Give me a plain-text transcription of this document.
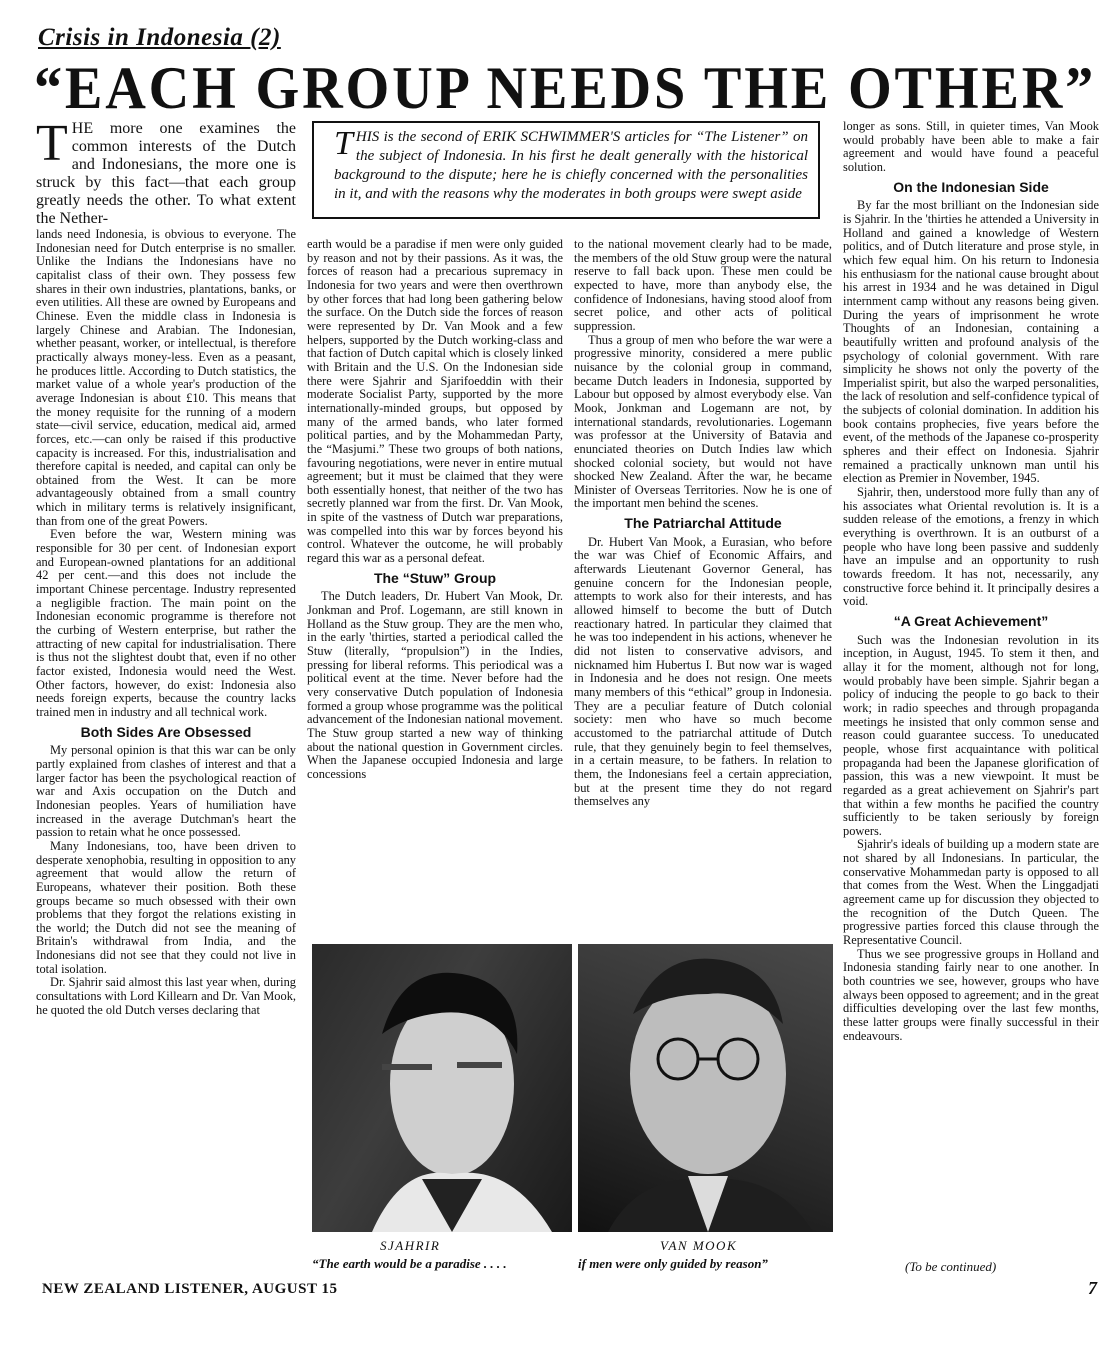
Crisis in Indonesia (2)
“EACH GROUP NEEDS THE OTHER”
THIS is the second of ERIK SCHWIMMER'S articles for “The Listener” on the subject of Indonesia. In his first he dealt generally with the historical background to the dispute; here he is chiefly concerned with the personalities in it, and with the reasons why the moderates in both groups were swept aside
THE more one examines the common interests of the Dutch and Indonesians, the more one is struck by this fact—that each group greatly needs the other. To what extent the Nether-

lands need Indonesia, is obvious to everyone. The Indonesian need for Dutch enterprise is no smaller. Unlike the Indians the Indonesians have no capitalist class of their own. They possess few shares in their own industries, plantations, banks, or even utilities. All these are owned by Europeans and Chinese. Even the middle class in Indonesia is largely Chinese and Arabian. The Indonesian, whether peasant, worker, or intellectual, is therefore practically always money-less. Even as a peasant, he produces little. According to Dutch statistics, the market value of a whole year's production of the average Indonesian is about £10. This means that the money requisite for the running of a modern state—civil service, education, medical aid, armed forces, etc.—can only be raised if this productive capacity is increased. For this, industrialisation and therefore capital is needed, and capital can only be obtained from the West. It can be more advantageously obtained from a small country which in military terms is relatively insignificant, than from one of the great Powers.

Even before the war, Western mining was responsible for 30 per cent. of Indonesian export and European-owned plantations for an additional 42 per cent.—and this does not include the important Chinese percentage. Industry represented a negligible fraction. The main point on the Indonesian economic programme is therefore not the curbing of Western enterprise, but rather the attracting of new capital for industrialisation. There is thus not the slightest doubt that, even if no other factor existed, Indonesia would need the West. Other factors, however, do exist: Indonesia also needs foreign experts, because the country lacks trained men in industry and all technical work.

Both Sides Are Obsessed

My personal opinion is that this war can be only partly explained from clashes of interest and that a larger factor has been the psychological reaction of war and Axis occupation on the Dutch and Indonesian peoples. Years of humiliation have increased in the average Dutchman's heart the passion to retain what he once possessed.

Many Indonesians, too, have been driven to desperate xenophobia, resulting in opposition to any agreement that would allow the return of Europeans, whatever their position. Both these groups became so much obsessed with their own problems that they forgot the relations existing in the world; the Dutch did not see the meaning of Britain's withdrawal from India, and the Indonesians did not see that they could not live in total isolation.

Dr. Sjahrir said almost this last year when, during consultations with Lord Killearn and Dr. Van Mook, he quoted the old Dutch verses declaring that

earth would be a paradise if men were only guided by reason and not by their passions. As it was, the forces of reason had a precarious supremacy in Indonesia for two years and were then overthrown by other forces that had long been gathering below the surface. On the Dutch side the forces of reason were represented by Dr. Van Mook and a few helpers, supported by the Dutch working-class and that faction of Dutch capital which is closely linked with Britain and the U.S. On the Indonesian side there were Sjahrir and Sjarifoeddin with their moderate Socialist Party, supported by the more internationally-minded groups, but opposed by many of the armed bands, who later formed political parties, and by the Mohammedan Party, the “Masjumi.” These two groups of both nations, favouring negotiations, were never in entire mutual agreement; but it must be claimed that they were both essentially honest, that neither of the two has secretly planned war from the first. Dr. Van Mook, in spite of the vastness of Dutch war preparations, was compelled into this war by forces beyond his control. Whatever the outcome, he will probably regard this war as a personal defeat.

The “Stuw” Group

The Dutch leaders, Dr. Hubert Van Mook, Dr. Jonkman and Prof. Logemann, are still known in Holland as the Stuw group. They are the men who, in the early 'thirties, started a periodical called the Stuw (literally, “propulsion”) in the Indies, pressing for liberal reforms. This periodical was a political event at the time. Never before had the very conservative Dutch population of Indonesia formed a group whose programme was the political advancement of the Indonesian national movement. The Stuw group started a new way of thinking about the national question in Government circles. When the Japanese occupied Indonesia and large concessions

to the national movement clearly had to be made, the members of the old Stuw group were the natural reserve to fall back upon. These men could be expected to have, more than anybody else, the confidence of Indonesians, having stood aloof from secret police, and other acts of political suppression.

Thus a group of men who before the war were a progressive minority, considered a mere public nuisance by the colonial group in command, became Dutch leaders in Indonesia, supported by Labour but opposed by almost everybody else. Van Mook, Jonkman and Logemann are not, by international standards, revolutionaries. Logemann was professor at the University of Batavia and enunciated theories on Dutch Indies law which shocked colonial society, but would not have shocked New Zealand. After the war, he became Minister of Overseas Territories. Now he is one of the important men behind the scenes.

The Patriarchal Attitude

Dr. Hubert Van Mook, a Eurasian, who before the war was Chief of Economic Affairs, and afterwards Lieutenant Governor General, has genuine concern for the Indonesian people, attempts to work also for their interests, and has allowed himself to become the butt of Dutch reactionary hatred. In particular they claimed that he was too independent in his actions, whenever he did not listen to conservative advisors, and nicknamed him Hubertus I. But now war is waged in Indonesia and he does not resign. One meets many members of this “ethical” group in Indonesia. They are a peculiar feature of Dutch colonial society: men who have so much become accustomed to the patriarchal attitude of Dutch rule, that they genuinely begin to feel themselves, in a certain measure, to be fathers. In relation to them, the Indonesians feel a certain appreciation, but at the present time they do not regard themselves any

longer as sons. Still, in quieter times, Van Mook would probably have been able to make a fair agreement and would have found a peaceful solution.

On the Indonesian Side

By far the most brilliant on the Indonesian side is Sjahrir. In the 'thirties he attended a University in Holland and gained a knowledge of Western politics, and of Dutch literature and prose style, in which few equal him. On his return to Indonesia his enthusiasm for the national cause brought about his arrest in 1934 and he was detained in Digul internment camp without any reasons being given. During the years of imprisonment he wrote Thoughts of an Indonesian, containing a beautifully written and profound analysis of the psychology of colonial government. With rare simplicity he shows not only the poverty of the Imperialist spirit, but also the warped personalities, the lack of resolution and self-confidence typical of the subjects of colonial domination. In addition his book contains prophecies, five years before the event, of the methods of the Japanese co-prosperity spheres and their effect on Indonesia. Sjahrir remained a practically unknown man until his election as Premier in November, 1945.

Sjahrir, then, understood more fully than any of his associates what Oriental revolution is. It is a sudden release of the emotions, a frenzy in which everything is overthrown. It is an outburst of a people who have long been passive and suddenly have an impulse and an opportunity to rush towards freedom. It has not, necessarily, any constructive force behind it. It principally desires a void.

“A Great Achievement”

Such was the Indonesian revolution in its inception, in August, 1945. To stem it then, and allay it for the moment, although not for long, would probably have been simple. Sjahrir began a policy of inducing the people to go back to their work; in radio speeches and through propaganda meetings he insisted that only common sense and reason could guarantee success. To uneducated people, whose first acquaintance with political propaganda had been the Japanese glorification of passion, this was a new viewpoint. It must be regarded as a great achievement on Sjahrir's part that within a few months he pacified the country sufficiently to be taken seriously by foreign powers.

Sjahrir's ideals of building up a modern state are not shared by all Indonesians. In particular, the conservative Mohammedan party is opposed to all that comes from the West. When the Linggadjati agreement came up for discussion they objected to the recognition of the Dutch Queen. The progressive parties forced this clause through the Representative Council.

Thus we see progressive groups in Holland and Indonesia standing fairly near to one another. In both countries we see, however, groups who have always been opposed to agreement; and in the great difficulties developing over the last few months, these latter groups were finally successful in their endeavours.

(To be continued)
SJAHRIR
“The earth would be a paradise . . . .
VAN MOOK
if men were only guided by reason”
NEW ZEALAND LISTENER, AUGUST 15	7
